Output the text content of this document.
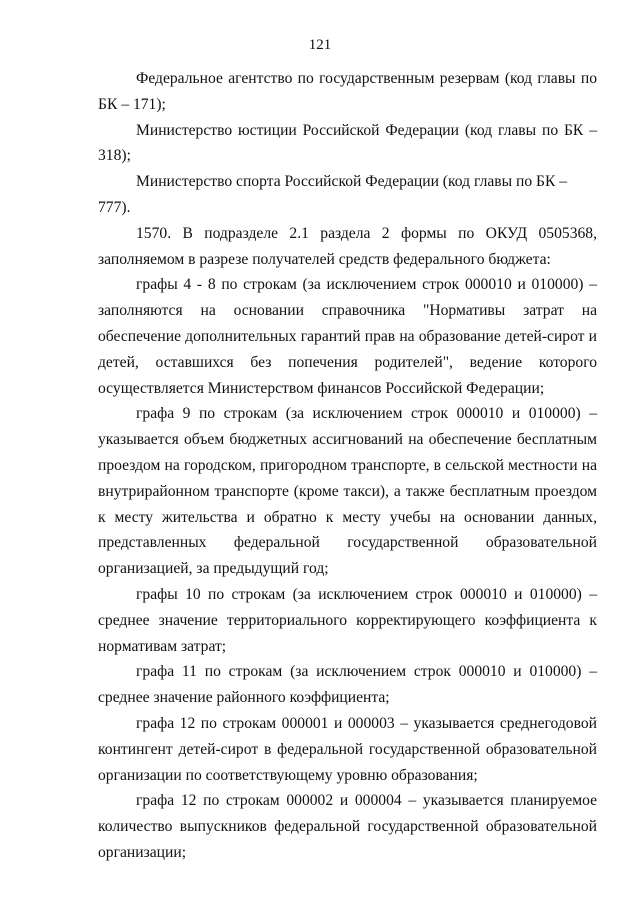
121

Федеральное агентство по государственным резервам (код главы по БК – 171);

Министерство юстиции Российской Федерации (код главы по БК – 318);

Министерство спорта Российской Федерации (код главы по БК – 777).

1570. В подразделе 2.1 раздела 2 формы по ОКУД 0505368, заполняемом в разрезе получателей средств федерального бюджета:

графы 4 - 8 по строкам (за исключением строк 000010 и 010000) – заполняются на основании справочника "Нормативы затрат на обеспечение дополнительных гарантий прав на образование детей-сирот и детей, оставшихся без попечения родителей", ведение которого осуществляется Министерством финансов Российской Федерации;

графа 9 по строкам (за исключением строк 000010 и 010000) – указывается объем бюджетных ассигнований на обеспечение бесплатным проездом на городском, пригородном транспорте, в сельской местности на внутрирайонном транспорте (кроме такси), а также бесплатным проездом к месту жительства и обратно к месту учебы на основании данных, представленных федеральной государственной образовательной организацией, за предыдущий год;

графы 10 по строкам (за исключением строк 000010 и 010000) – среднее значение территориального корректирующего коэффициента к нормативам затрат;

графа 11 по строкам (за исключением строк 000010 и 010000) – среднее значение районного коэффициента;

графа 12 по строкам 000001 и 000003 – указывается среднегодовой контингент детей-сирот в федеральной государственной образовательной организации по соответствующему уровню образования;

графа 12 по строкам 000002 и 000004 – указывается планируемое количество выпускников федеральной государственной образовательной организации;
